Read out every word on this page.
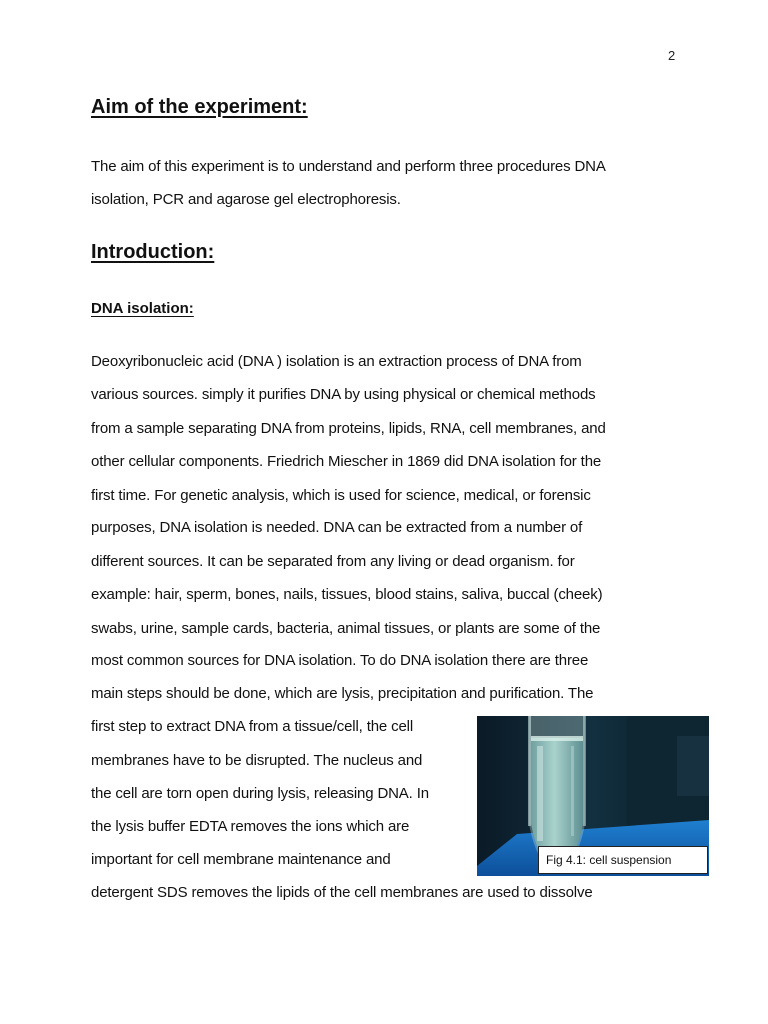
2
Aim of the experiment:
The aim of this experiment is to understand and perform three procedures DNA
isolation, PCR and agarose gel electrophoresis.
Introduction:
DNA isolation:
Deoxyribonucleic acid (DNA ) isolation is an extraction process of DNA from
various sources. simply it purifies DNA by using physical or chemical methods
from a sample separating DNA from proteins, lipids, RNA, cell membranes, and
other cellular components. Friedrich Miescher in 1869 did DNA isolation for the
first time. For genetic analysis, which is used for science, medical, or forensic
purposes, DNA isolation is needed. DNA can be extracted from a number of
different sources. It can be separated from any living or dead organism. for
example: hair, sperm, bones, nails, tissues, blood stains, saliva, buccal (cheek)
swabs, urine, sample cards, bacteria, animal tissues, or plants are some of the
most common sources for DNA isolation. To do DNA isolation there are three
main steps should be done, which are lysis, precipitation and purification. The
first step to extract DNA from a tissue/cell, the cell
membranes have to be disrupted. The nucleus and
the cell are torn open during lysis, releasing DNA. In
the lysis buffer EDTA removes the ions which are
important for cell membrane maintenance and
detergent SDS removes the lipids of the cell membranes are used to dissolve
Fig 4.1: cell suspension
